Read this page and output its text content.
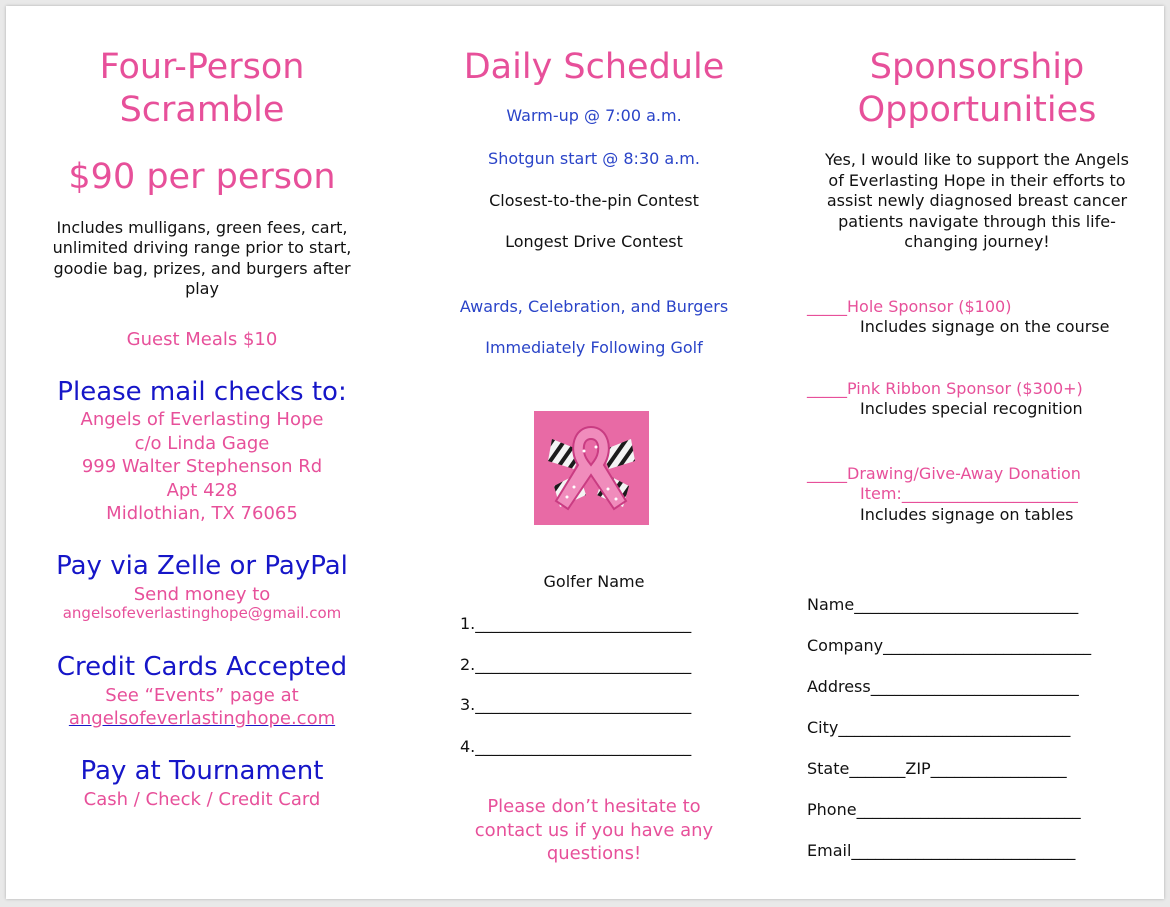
Four-Person
Scramble
$90 per person
Includes mulligans, green fees, cart,
unlimited driving range prior to start,
goodie bag, prizes, and burgers after
play
Guest Meals $10
Please mail checks to:
Angels of Everlasting Hope
c/o Linda Gage
999 Walter Stephenson Rd
Apt 428
Midlothian, TX 76065
Pay via Zelle or PayPal
Send money to
angelsofeverlastinghope@gmail.com
Credit Cards Accepted
See “Events” page at
angelsofeverlastinghope.com
Pay at Tournament
Cash / Check / Credit Card
Daily Schedule
Warm-up @ 7:00 a.m.
Shotgun start @ 8:30 a.m.
Closest-to-the-pin Contest
Longest Drive Contest
Awards, Celebration, and Burgers
Immediately Following Golf
Golfer Name
1.___________________________
2.___________________________
3.___________________________
4.___________________________
Please don’t hesitate to
contact us if you have any
questions!
Sponsorship
Opportunities
Yes, I would like to support the Angels
of Everlasting Hope in their efforts to
assist newly diagnosed breast cancer
patients navigate through this life-
changing journey!
_____Hole Sponsor ($100)
Includes signage on the course
_____Pink Ribbon Sponsor ($300+)
Includes special recognition
_____Drawing/Give-Away Donation
Item:______________________
Includes signage on tables
Name____________________________
Company__________________________
Address__________________________
City_____________________________
State_______ZIP_________________
Phone____________________________
Email____________________________
